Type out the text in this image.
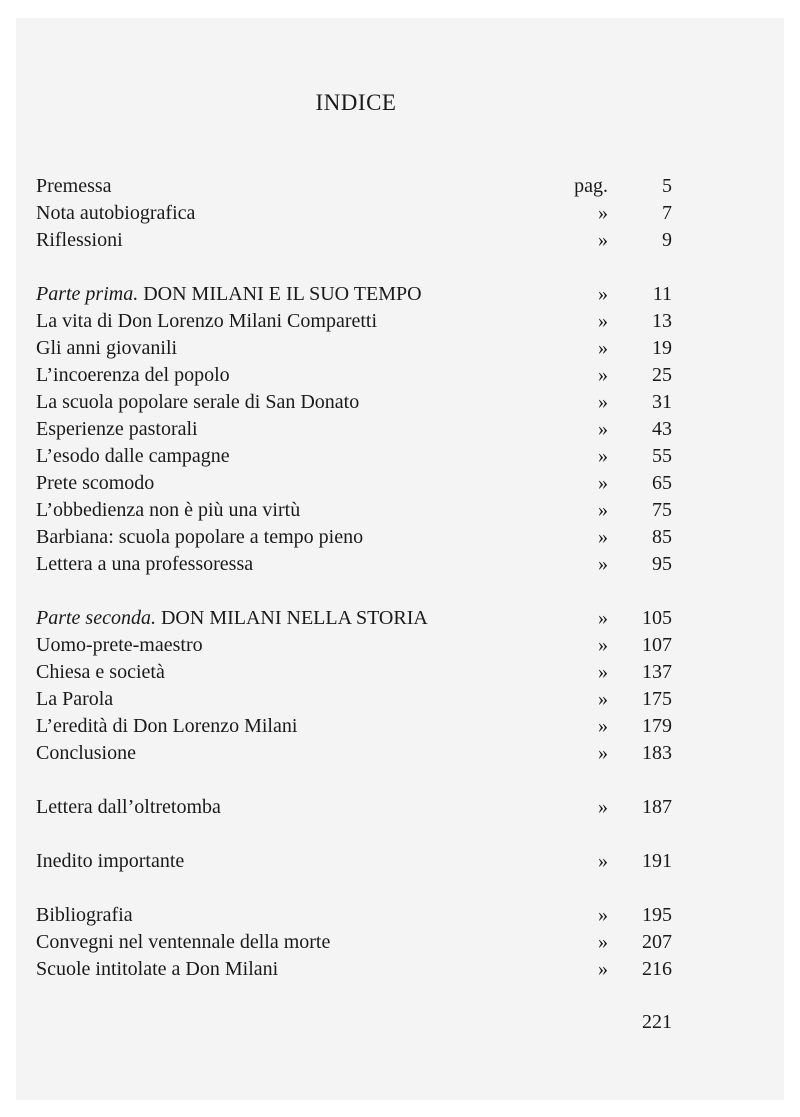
INDICE
Premessa	pag.	5
Nota autobiografica	»	7
Riflessioni	»	9
Parte prima. DON MILANI E IL SUO TEMPO	» 11
La vita di Don Lorenzo Milani Comparetti	» 13
Gli anni giovanili	» 19
L’incoerenza del popolo	» 25
La scuola popolare serale di San Donato	» 31
Esperienze pastorali	» 43
L’esodo dalle campagne	» 55
Prete scomodo	» 65
L’obbedienza non è più una virtù	» 75
Barbiana: scuola popolare a tempo pieno	» 85
Lettera a una professoressa	» 95
Parte seconda. DON MILANI NELLA STORIA	» 105
Uomo-prete-maestro	» 107
Chiesa e società	» 137
La Parola	» 175
L’eredità di Don Lorenzo Milani	» 179
Conclusione	» 183
Lettera dall’oltretomba	» 187
Inedito importante	» 191
Bibliografia	» 195
Convegni nel ventennale della morte	» 207
Scuole intitolate a Don Milani	» 216
221
